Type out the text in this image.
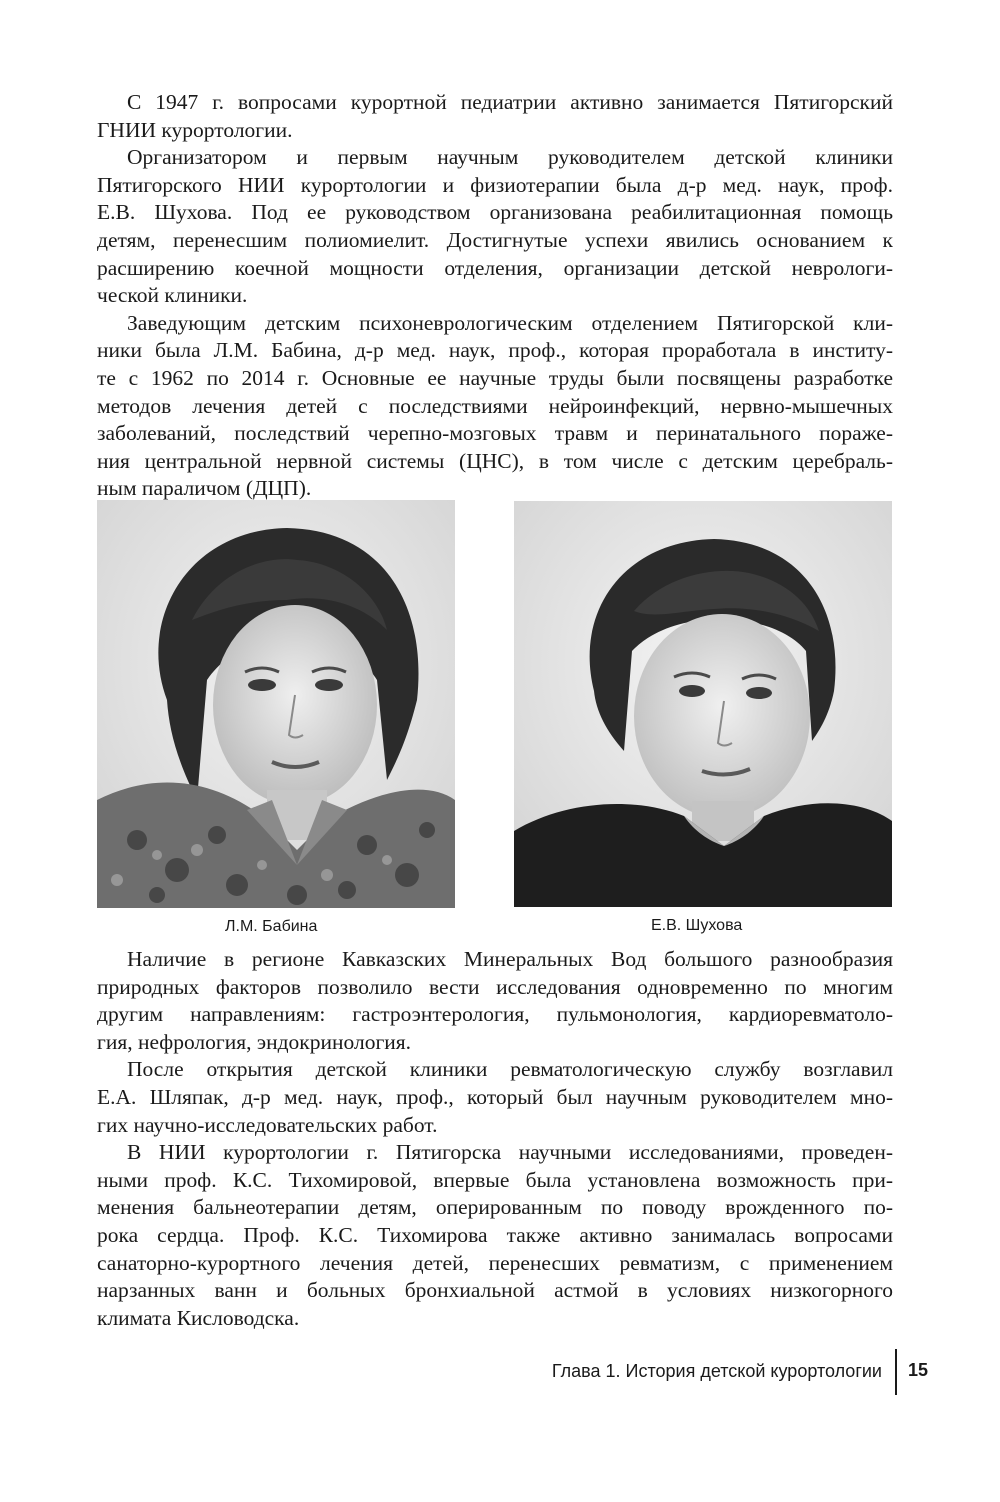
С 1947 г. вопросами курортной педиатрии активно занимается Пятигорский
ГНИИ курортологии.
Организатором и первым научным руководителем детской клиники
Пятигорского НИИ курортологии и физиотерапии была д-р мед. наук, проф.
Е.В. Шухова. Под ее руководством организована реабилитационная помощь
детям, перенесшим полиомиелит. Достигнутые успехи явились основанием к
расширению коечной мощности отделения, организации детской неврологи-
ческой клиники.
Заведующим детским психоневрологическим отделением Пятигорской кли-
ники была Л.М. Бабина, д-р мед. наук, проф., которая проработала в институ-
те с 1962 по 2014 г. Основные ее научные труды были посвящены разработке
методов лечения детей с последствиями нейроинфекций, нервно-мышечных
заболеваний, последствий черепно-мозговых травм и перинатального пораже-
ния центральной нервной системы (ЦНС), в том числе с детским церебраль-
ным параличом (ДЦП).
Л.М. Бабина	Е.В. Шухова
Наличие в регионе Кавказских Минеральных Вод большого разнообразия
природных факторов позволило вести исследования одновременно по многим
другим направлениям: гастроэнтерология, пульмонология, кардиоревматоло-
гия, нефрология, эндокринология.
После открытия детской клиники ревматологическую службу возглавил
Е.А. Шляпак, д-р мед. наук, проф., который был научным руководителем мно-
гих научно-исследовательских работ.
В НИИ курортологии г. Пятигорска научными исследованиями, проведен-
ными проф. К.С. Тихомировой, впервые была установлена возможность при-
менения бальнеотерапии детям, оперированным по поводу врожденного по-
рока сердца. Проф. К.С. Тихомирова также активно занималась вопросами
санаторно-курортного лечения детей, перенесших ревматизм, с применением
нарзанных ванн и больных бронхиальной астмой в условиях низкогорного
климата Кисловодска.
Глава 1. История детской курортологии 15
